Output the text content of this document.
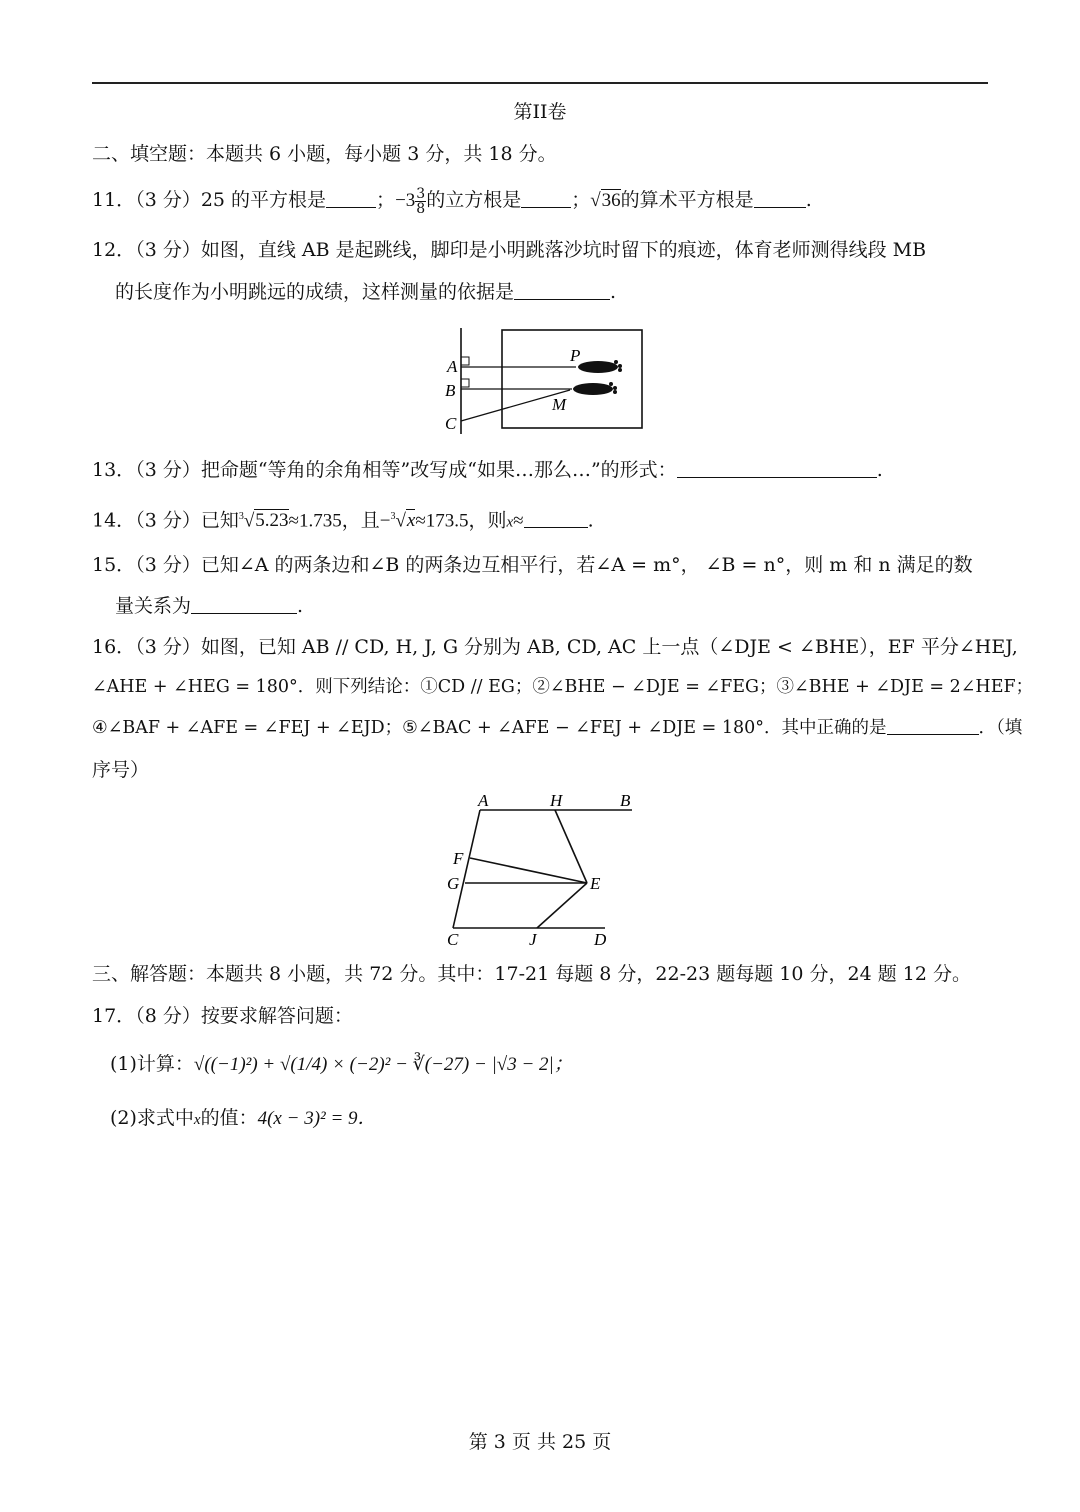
第II卷
二、填空题：本题共 6 小题，每小题 3 分，共 18 分。
11．（3 分）25 的平方根是	；$-3 \frac{3}{8}$ 的立方根是	；√36的算术平方根是	.
12．（3 分）如图，直线 AB 是起跳线，脚印是小明跳落沙坑时留下的痕迹，体育老师测得线段 MB
的长度作为小明跳远的成绩，这样测量的依据是	.
A
B
C
P
M
13．（3 分）把命题“等角的余角相等”改写成“如果…那么…”的形式：	.
14．（3 分）已知$^3$√5.23≈1.735，且−$^3$√x≈173.5，则x≈	.
15．（3 分）已知∠A 的两条边和∠B 的两条边互相平行，若∠A = m°， ∠B = n°，则 m 和 n 满足的数
量关系为	.
16．（3 分）如图，已知 AB // CD, H, J, G 分别为 AB, CD, AC 上一点（∠DJE < ∠BHE），EF 平分∠HEJ,
∠AHE + ∠HEG = 180°．则下列结论：①CD // EG；②∠BHE − ∠DJE = ∠FEG；③∠BHE + ∠DJE = 2∠HEF；
④∠BAF + ∠AFE = ∠FEJ + ∠EJD；⑤∠BAC + ∠AFE − ∠FEJ + ∠DJE = 180°．其中正确的是	．（填
序号）
A	H	B
F
G	E
C	J	D
三、解答题：本题共 8 小题，共 72 分。其中：17-21 每题 8 分，22-23 题每题 10 分，24 题 12 分。
17．（8 分）按要求解答问题：
(1)计算：√((−1)²) + √(1/4) × (−2)² − ∛(−27) − |√3 − 2|；
(2)求式中x的值：4(x − 3)² = 9．
第 3 页 共 25 页
